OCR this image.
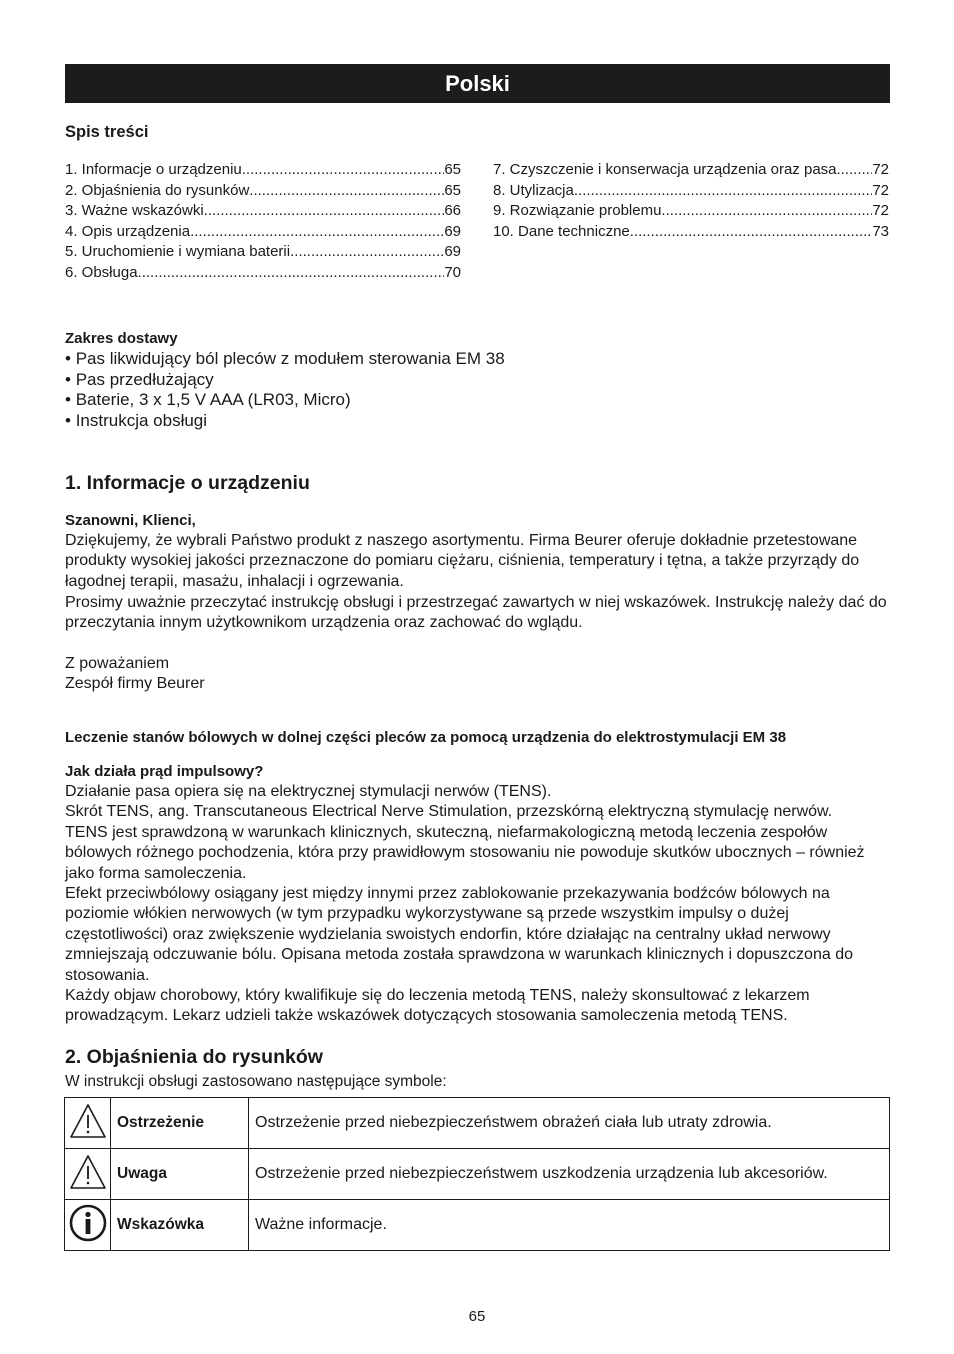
Polski
Spis treści
1. Informacje o urządzeniu .....	65
2. Objaśnienia do rysunków .....	65
3. Ważne wskazówki .....	66
4. Opis urządzenia .....	69
5. Uruchomienie i wymiana baterii .....	69
6. Obsługa .....	70
7. Czyszczenie i konserwacja urządzenia oraz pasa. ..... 72
8. Utylizacja .....	72
9. Rozwiązanie problemu .....	72
10. Dane techniczne .....	73
Zakres dostawy
• Pas likwidujący ból pleców z modułem sterowania EM 38
• Pas przedłużający
• Baterie, 3 x 1,5 V AAA (LR03, Micro)
• Instrukcja obsługi
1. Informacje o urządzeniu
Szanowni, Klienci,
Dziękujemy, że wybrali Państwo produkt z naszego asortymentu. Firma Beurer oferuje dokładnie przetestowane produkty wysokiej jakości przeznaczone do pomiaru ciężaru, ciśnienia, temperatury i tętna, a także przyrządy do łagodnej terapii, masażu, inhalacji i ogrzewania.
Prosimy uważnie przeczytać instrukcję obsługi i przestrzegać zawartych w niej wskazówek. Instrukcję należy dać do przeczytania innym użytkownikom urządzenia oraz zachować do wglądu.
Z poważaniem
Zespół firmy Beurer
Leczenie stanów bólowych w dolnej części pleców za pomocą urządzenia do elektrostymulacji EM 38
Jak działa prąd impulsowy?
Działanie pasa opiera się na elektrycznej stymulacji nerwów (TENS).
Skrót TENS, ang. Transcutaneous Electrical Nerve Stimulation, przezskórną elektryczną stymulację nerwów.
TENS jest sprawdzoną w warunkach klinicznych, skuteczną, niefarmakologiczną metodą leczenia zespołów bólowych różnego pochodzenia, która przy prawidłowym stosowaniu nie powoduje skutków ubocznych – również jako forma samoleczenia.
Efekt przeciwbólowy osiągany jest między innymi przez zablokowanie przekazywania bodźców bólowych na poziomie włókien nerwowych (w tym przypadku wykorzystywane są przede wszystkim impulsy o dużej częstotliwości) oraz zwiększenie wydzielania swoistych endorfin, które działając na centralny układ nerwowy zmniejszają odczuwanie bólu. Opisana metoda została sprawdzona w warunkach klinicznych i dopuszczona do stosowania.
Każdy objaw chorobowy, który kwalifikuje się do leczenia metodą TENS, należy skonsultować z lekarzem prowadzącym. Lekarz udzieli także wskazówek dotyczących stosowania samoleczenia metodą TENS.
2. Objaśnienia do rysunków
W instrukcji obsługi zastosowano następujące symbole:
	Ostrzeżenie	Ostrzeżenie przed niebezpieczeństwem obrażeń ciała lub utraty zdrowia.
	Uwaga	Ostrzeżenie przed niebezpieczeństwem uszkodzenia urządzenia lub akcesoriów.
	Wskazówka	Ważne informacje.
65
